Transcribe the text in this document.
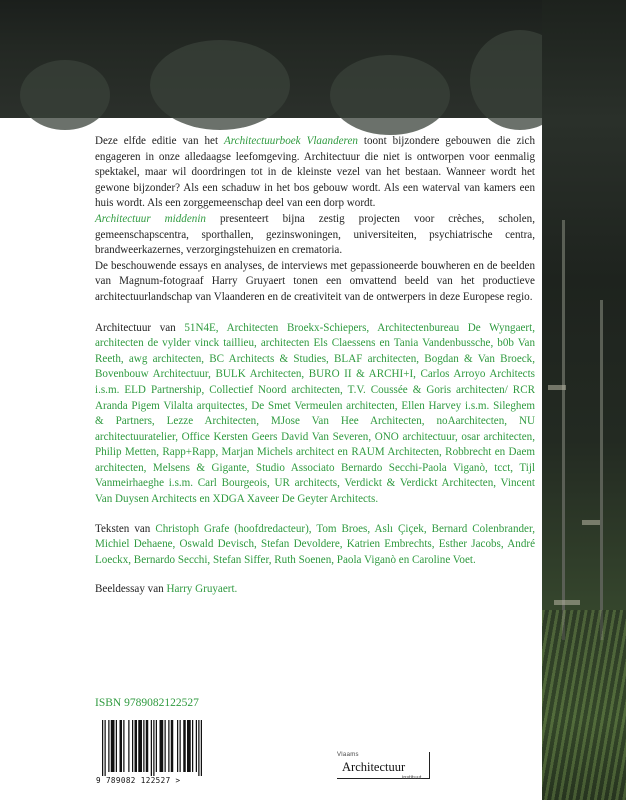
Deze elfde editie van het Architectuurboek Vlaanderen toont bijzondere gebouwen die zich engageren in onze alledaagse leefomgeving. Architectuur die niet is ontworpen voor eenmalig spektakel, maar wil doordringen tot in de kleinste vezel van het bestaan. Wanneer wordt het gewone bijzonder? Als een schaduw in het bos gebouw wordt. Als een waterval van kamers een huis wordt. Als een zorggemeenschap deel van een dorp wordt.

Architectuur middenin presenteert bijna zestig projecten voor crèches, scholen, gemeenschapscentra, sporthallen, gezinswoningen, universiteiten, psychiatrische centra, brandweerkazernes, verzorgingstehuizen en crematoria.

De beschouwende essays en analyses, de interviews met gepassioneerde bouwheren en de beelden van Magnum-fotograaf Harry Gruyaert tonen een omvattend beeld van het productieve architectuurlandschap van Vlaanderen en de creativiteit van de ontwerpers in deze Europese regio.

Architectuur van 51N4E, Architecten Broekx-Schiepers, Architectenbureau De Wyngaert, architecten de vylder vinck taillieu, architecten Els Claessens en Tania Vandenbussche, b0b Van Reeth, awg architecten, BC Architects & Studies, BLAF architecten, Bogdan & Van Broeck, Bovenbouw Architectuur, BULK Architecten, BURO II & ARCHI+I, Carlos Arroyo Architects i.s.m. ELD Partnership, Collectief Noord architecten, T.V. Coussée & Goris architecten/ RCR Aranda Pigem Vilalta arquitectes, De Smet Vermeulen architecten, Ellen Harvey i.s.m. Sileghem & Partners, Lezze Architecten, MJose Van Hee Architecten, noAarchitecten, NU architectuuratelier, Office Kersten Geers David Van Severen, ONO architectuur, osar architecten, Philip Metten, Rapp+Rapp, Marjan Michels architect en RAUM Architecten, Robbrecht en Daem architecten, Melsens & Gigante, Studio Associato Bernardo Secchi-Paola Viganò, tcct, Tijl Vanmeirhaeghe i.s.m. Carl Bourgeois, UR architects, Verdickt & Verdickt Architecten, Vincent Van Duysen Architects en XDGA Xaveer De Geyter Architects.

Teksten van Christoph Grafe (hoofdredacteur), Tom Broes, Aslı Çiçek, Bernard Colenbrander, Michiel Dehaene, Oswald Devisch, Stefan Devoldere, Katrien Embrechts, Esther Jacobs, André Loeckx, Bernardo Secchi, Stefan Siffer, Ruth Soenen, Paola Viganò en Caroline Voet.

Beeldessay van Harry Gruyaert.

ISBN 9789082122527
9 789082 122527 >
Vlaams
Architectuur
instituut
